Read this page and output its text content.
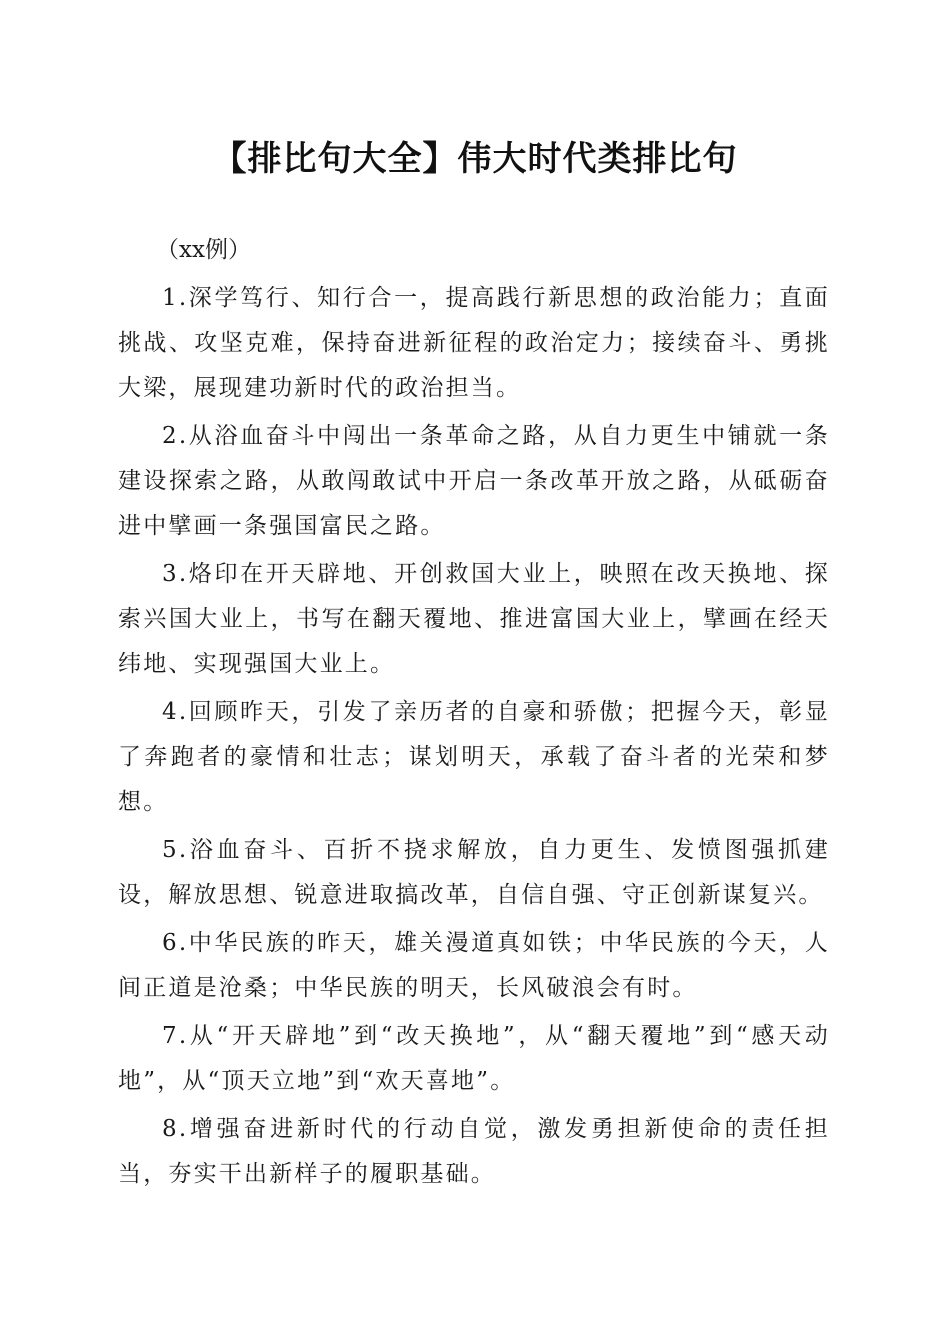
【排比句大全】伟大时代类排比句

（xx例）

1.深学笃行、知行合一，提高践行新思想的政治能力；直面挑战、攻坚克难，保持奋进新征程的政治定力；接续奋斗、勇挑大梁，展现建功新时代的政治担当。

2.从浴血奋斗中闯出一条革命之路，从自力更生中铺就一条建设探索之路，从敢闯敢试中开启一条改革开放之路，从砥砺奋进中擘画一条强国富民之路。

3.烙印在开天辟地、开创救国大业上，映照在改天换地、探索兴国大业上，书写在翻天覆地、推进富国大业上，擘画在经天纬地、实现强国大业上。

4.回顾昨天，引发了亲历者的自豪和骄傲；把握今天，彰显了奔跑者的豪情和壮志；谋划明天，承载了奋斗者的光荣和梦想。

5.浴血奋斗、百折不挠求解放，自力更生、发愤图强抓建设，解放思想、锐意进取搞改革，自信自强、守正创新谋复兴。

6.中华民族的昨天，雄关漫道真如铁；中华民族的今天，人间正道是沧桑；中华民族的明天，长风破浪会有时。

7.从“开天辟地”到“改天换地”，从“翻天覆地”到“感天动地”，从“顶天立地”到“欢天喜地”。

8.增强奋进新时代的行动自觉，激发勇担新使命的责任担当，夯实干出新样子的履职基础。
